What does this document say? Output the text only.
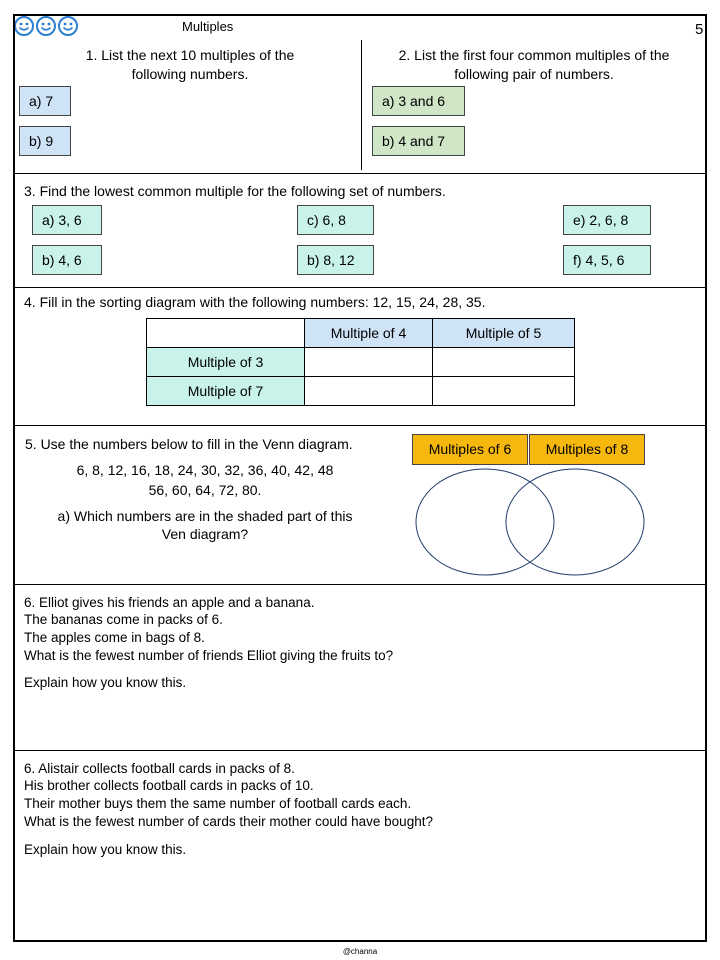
Multiples	5
1. List the next 10 multiples of the
following numbers.
a) 7
b) 9
2. List the first four common multiples of the
following pair of numbers.
a) 3 and 6
b) 4 and 7
3. Find the lowest common multiple for the following set of numbers.
a) 3, 6
b) 4, 6
c) 6, 8
b) 8, 12
e) 2, 6, 8
f) 4, 5, 6
4. Fill in the sorting diagram with the following numbers: 12, 15, 24, 28, 35.
	Multiple of 4	Multiple of 5
Multiple of 3		
Multiple of 7		
5. Use the numbers below to fill in the Venn diagram.
6, 8, 12, 16, 18, 24, 30, 32, 36, 40, 42, 48
56, 60, 64, 72, 80.
a) Which numbers are in the shaded part of this
Ven diagram?
Multiples of 6	Multiples of 8
6. Elliot gives his friends an apple and a banana.
The bananas come in packs of 6.
The apples come in bags of 8.
What is the fewest number of friends Elliot giving the fruits to?
Explain how you know this.
6. Alistair collects football cards in packs of 8.
His brother collects football cards in packs of 10.
Their mother buys them the same number of football cards each.
What is the fewest number of cards their mother could have bought?
Explain how you know this.
@channa
